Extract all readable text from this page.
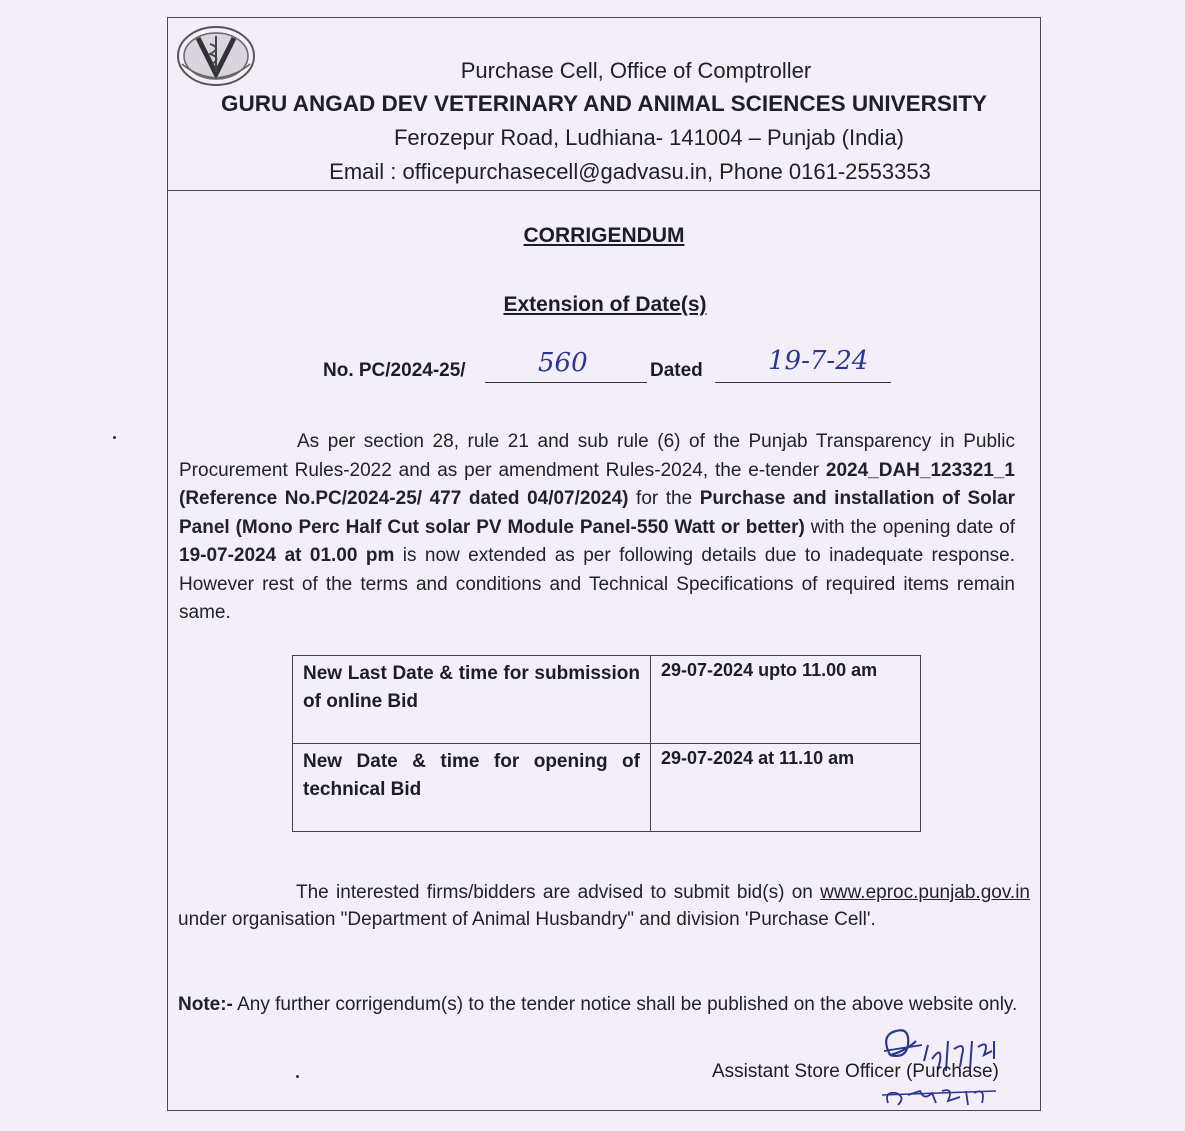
Purchase Cell, Office of Comptroller
GURU ANGAD DEV VETERINARY AND ANIMAL SCIENCES UNIVERSITY
Ferozepur Road, Ludhiana- 141004 – Punjab (India)
Email : officepurchasecell@gadvasu.in, Phone 0161-2553353
CORRIGENDUM
Extension of Date(s)
No. PC/2024-25/	560	Dated	19-7-24
As per section 28, rule 21 and sub rule (6) of the Punjab Transparency in Public Procurement Rules-2022 and as per amendment Rules-2024, the e-tender 2024_DAH_123321_1 (Reference No.PC/2024-25/ 477 dated 04/07/2024) for the Purchase and installation of Solar Panel (Mono Perc Half Cut solar PV Module Panel-550 Watt or better) with the opening date of 19-07-2024 at 01.00 pm is now extended as per following details due to inadequate response. However rest of the terms and conditions and Technical Specifications of required items remain same.
New Last Date & time for submission of online Bid	29-07-2024 upto 11.00 am
New Date & time for opening of technical Bid	29-07-2024 at 11.10 am
The interested firms/bidders are advised to submit bid(s) on www.eproc.punjab.gov.in under organisation "Department of Animal Husbandry" and division 'Purchase Cell'.
Note:- Any further corrigendum(s) to the tender notice shall be published on the above website only.
Assistant Store Officer (Purchase)
